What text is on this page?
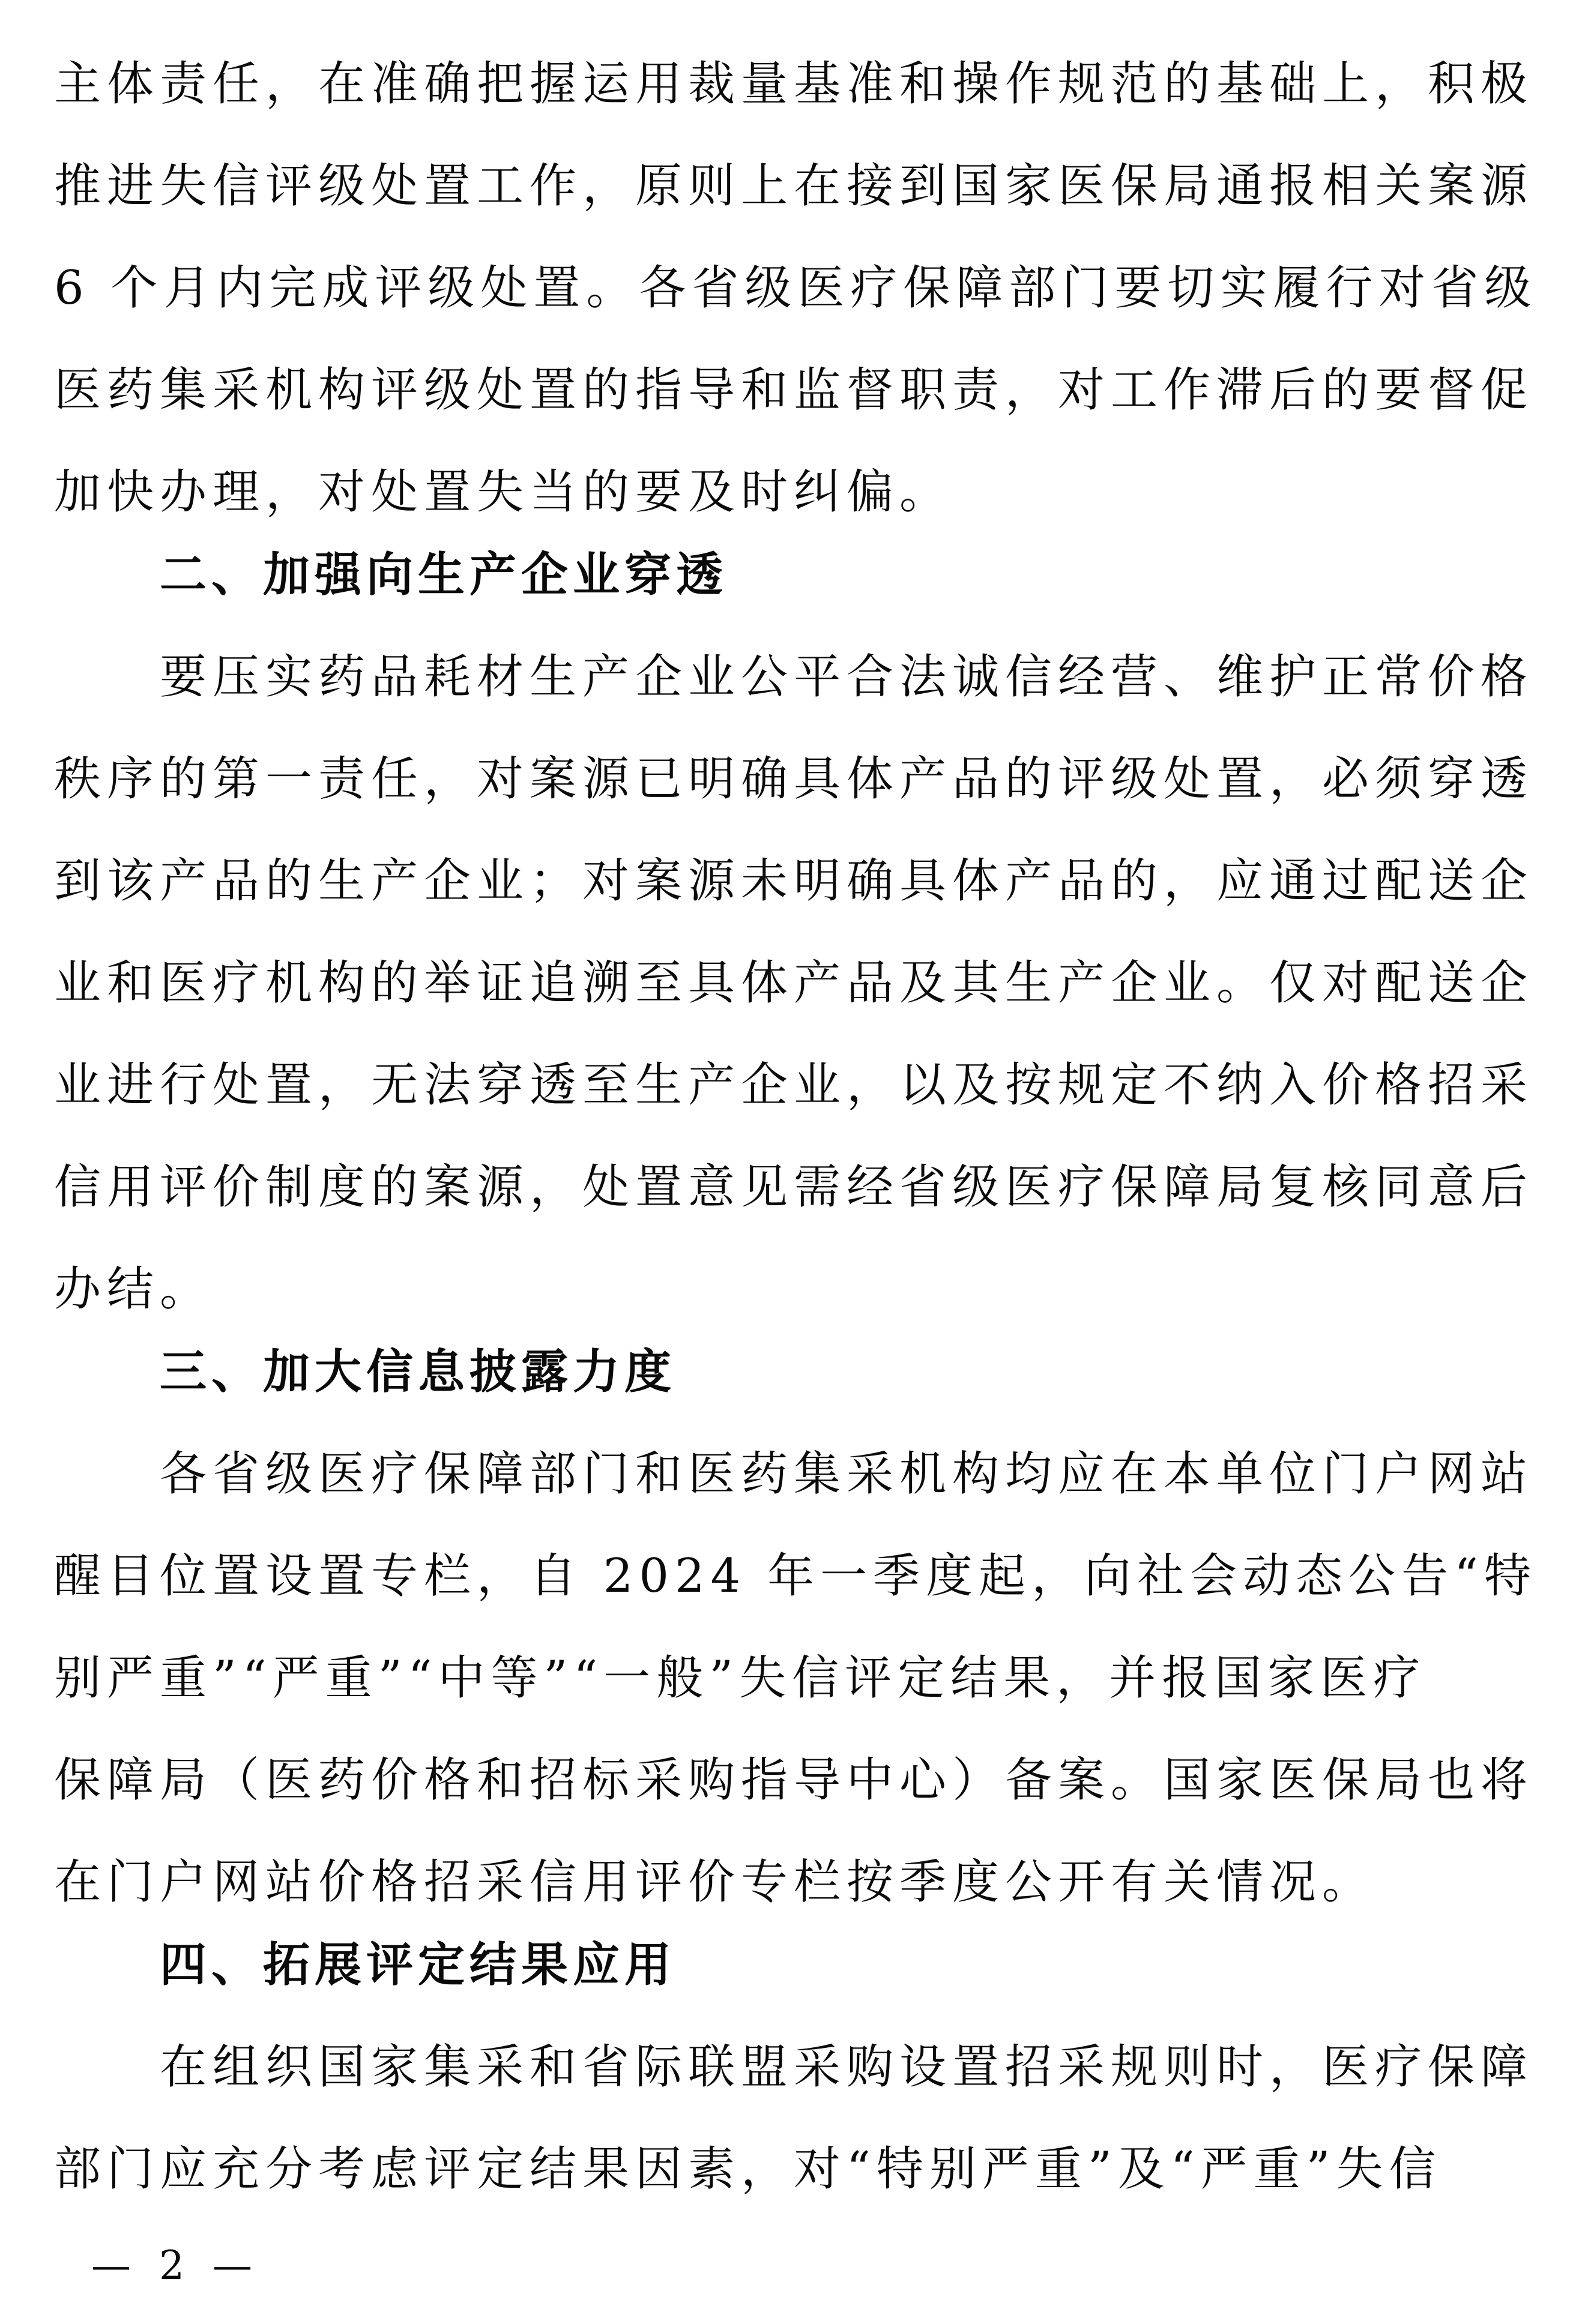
主体责任，在准确把握运用裁量基准和操作规范的基础上，积极
推进失信评级处置工作，原则上在接到国家医保局通报相关案源
6 个月内完成评级处置。各省级医疗保障部门要切实履行对省级
医药集采机构评级处置的指导和监督职责，对工作滞后的要督促
加快办理，对处置失当的要及时纠偏。
二、加强向生产企业穿透
要压实药品耗材生产企业公平合法诚信经营、维护正常价格
秩序的第一责任，对案源已明确具体产品的评级处置，必须穿透
到该产品的生产企业；对案源未明确具体产品的，应通过配送企
业和医疗机构的举证追溯至具体产品及其生产企业。仅对配送企
业进行处置，无法穿透至生产企业，以及按规定不纳入价格招采
信用评价制度的案源，处置意见需经省级医疗保障局复核同意后
办结。
三、加大信息披露力度
各省级医疗保障部门和医药集采机构均应在本单位门户网站
醒目位置设置专栏，自 2024 年一季度起，向社会动态公告“特
别严重”“严重”“中等”“一般”失信评定结果，并报国家医疗
保障局（医药价格和招标采购指导中心）备案。国家医保局也将
在门户网站价格招采信用评价专栏按季度公开有关情况。
四、拓展评定结果应用
在组织国家集采和省际联盟采购设置招采规则时，医疗保障
部门应充分考虑评定结果因素，对“特别严重”及“严重”失信
— 2 —
